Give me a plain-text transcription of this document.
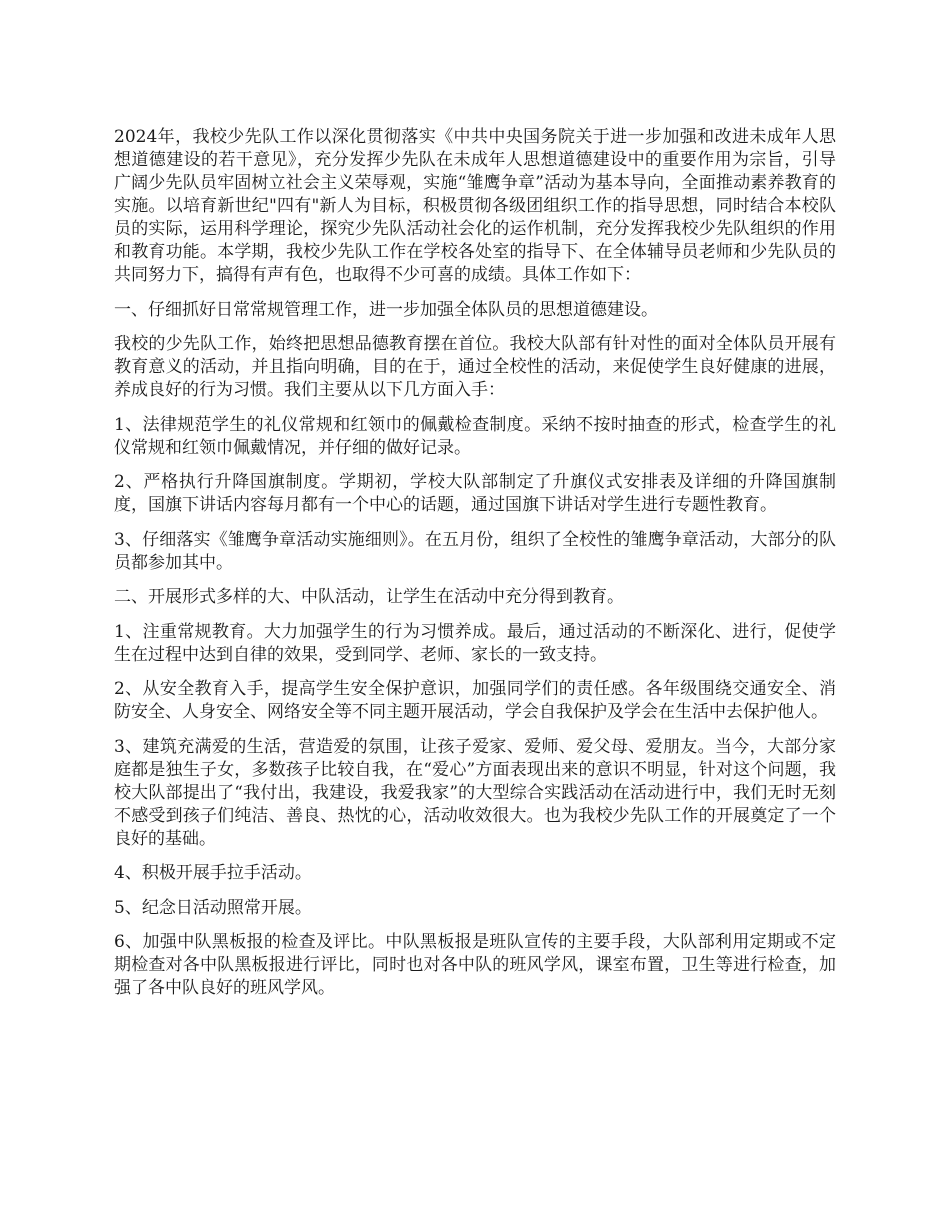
2024年，我校少先队工作以深化贯彻落实《中共中央国务院关于进一步加强和改进未成年人思想道德建设的若干意见》，充分发挥少先队在未成年人思想道德建设中的重要作用为宗旨，引导广阔少先队员牢固树立社会主义荣辱观，实施“雏鹰争章”活动为基本导向，全面推动素养教育的实施。以培育新世纪"四有"新人为目标，积极贯彻各级团组织工作的指导思想，同时结合本校队员的实际，运用科学理论，探究少先队活动社会化的运作机制，充分发挥我校少先队组织的作用和教育功能。本学期，我校少先队工作在学校各处室的指导下、在全体辅导员老师和少先队员的共同努力下，搞得有声有色，也取得不少可喜的成绩。具体工作如下：

一、仔细抓好日常常规管理工作，进一步加强全体队员的思想道德建设。

我校的少先队工作，始终把思想品德教育摆在首位。我校大队部有针对性的面对全体队员开展有教育意义的活动，并且指向明确，目的在于，通过全校性的活动，来促使学生良好健康的进展，养成良好的行为习惯。我们主要从以下几方面入手：

1、法律规范学生的礼仪常规和红领巾的佩戴检查制度。采纳不按时抽查的形式，检查学生的礼仪常规和红领巾佩戴情况，并仔细的做好记录。

2、严格执行升降国旗制度。学期初，学校大队部制定了升旗仪式安排表及详细的升降国旗制度，国旗下讲话内容每月都有一个中心的话题，通过国旗下讲话对学生进行专题性教育。

3、仔细落实《雏鹰争章活动实施细则》。在五月份，组织了全校性的雏鹰争章活动，大部分的队员都参加其中。

二、开展形式多样的大、中队活动，让学生在活动中充分得到教育。

1、注重常规教育。大力加强学生的行为习惯养成。最后，通过活动的不断深化、进行，促使学生在过程中达到自律的效果，受到同学、老师、家长的一致支持。

2、从安全教育入手，提高学生安全保护意识，加强同学们的责任感。各年级围绕交通安全、消防安全、人身安全、网络安全等不同主题开展活动，学会自我保护及学会在生活中去保护他人。

3、建筑充满爱的生活，营造爱的氛围，让孩子爱家、爱师、爱父母、爱朋友。当今，大部分家庭都是独生子女，多数孩子比较自我，在“爱心”方面表现出来的意识不明显，针对这个问题，我校大队部提出了“我付出，我建设，我爱我家”的大型综合实践活动在活动进行中，我们无时无刻不感受到孩子们纯洁、善良、热忱的心，活动收效很大。也为我校少先队工作的开展奠定了一个良好的基础。

4、积极开展手拉手活动。

5、纪念日活动照常开展。

6、加强中队黑板报的检查及评比。中队黑板报是班队宣传的主要手段，大队部利用定期或不定期检查对各中队黑板报进行评比，同时也对各中队的班风学风，课室布置，卫生等进行检查，加强了各中队良好的班风学风。
